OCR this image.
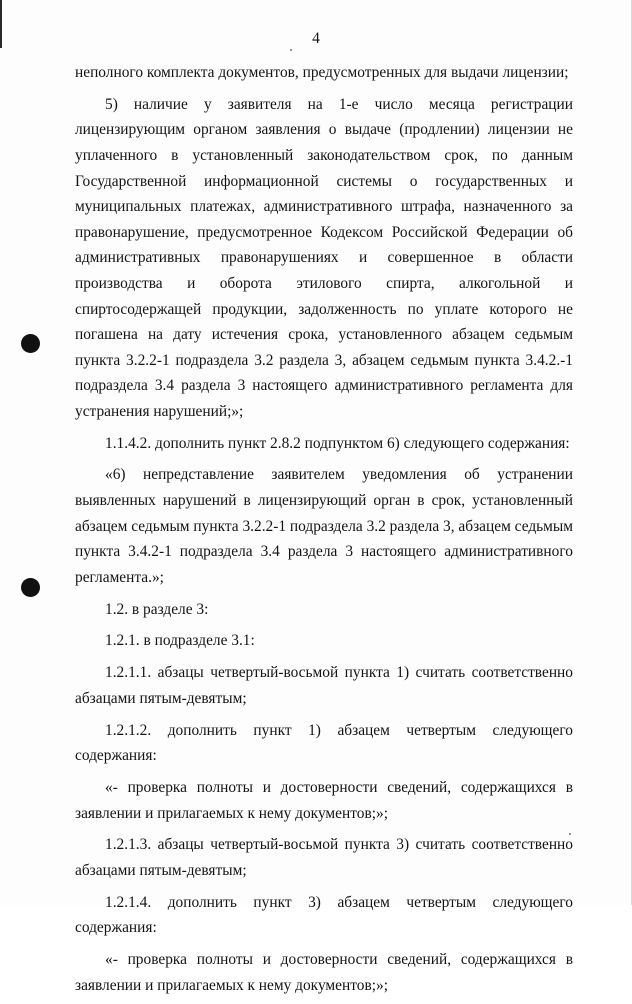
4

неполного комплекта документов, предусмотренных для выдачи лицензии;

5) наличие у заявителя на 1-е число месяца регистрации лицензирующим органом заявления о выдаче (продлении) лицензии не уплаченного в установленный законодательством срок, по данным Государственной информационной системы о государственных и муниципальных платежах, административного штрафа, назначенного за правонарушение, предусмотренное Кодексом Российской Федерации об административных правонарушениях и совершенное в области производства и оборота этилового спирта, алкогольной и спиртосодержащей продукции, задолженность по уплате которого не погашена на дату истечения срока, установленного абзацем седьмым пункта 3.2.2-1 подраздела 3.2 раздела 3, абзацем седьмым пункта 3.4.2.-1 подраздела 3.4 раздела 3 настоящего административного регламента для устранения нарушений;»;

1.1.4.2. дополнить пункт 2.8.2 подпунктом 6) следующего содержания:

«6) непредставление заявителем уведомления об устранении выявленных нарушений в лицензирующий орган в срок, установленный абзацем седьмым пункта 3.2.2-1 подраздела 3.2 раздела 3, абзацем седьмым пункта 3.4.2-1 подраздела 3.4 раздела 3 настоящего административного регламента.»;

1.2. в разделе 3:

1.2.1. в подразделе 3.1:

1.2.1.1. абзацы четвертый-восьмой пункта 1) считать соответственно абзацами пятым-девятым;

1.2.1.2. дополнить пункт 1) абзацем четвертым следующего содержания:

«- проверка полноты и достоверности сведений, содержащихся в заявлении и прилагаемых к нему документов;»;

1.2.1.3. абзацы четвертый-восьмой пункта 3) считать соответственно абзацами пятым-девятым;

1.2.1.4. дополнить пункт 3) абзацем четвертым следующего содержания:

«- проверка полноты и достоверности сведений, содержащихся в заявлении и прилагаемых к нему документов;»;
